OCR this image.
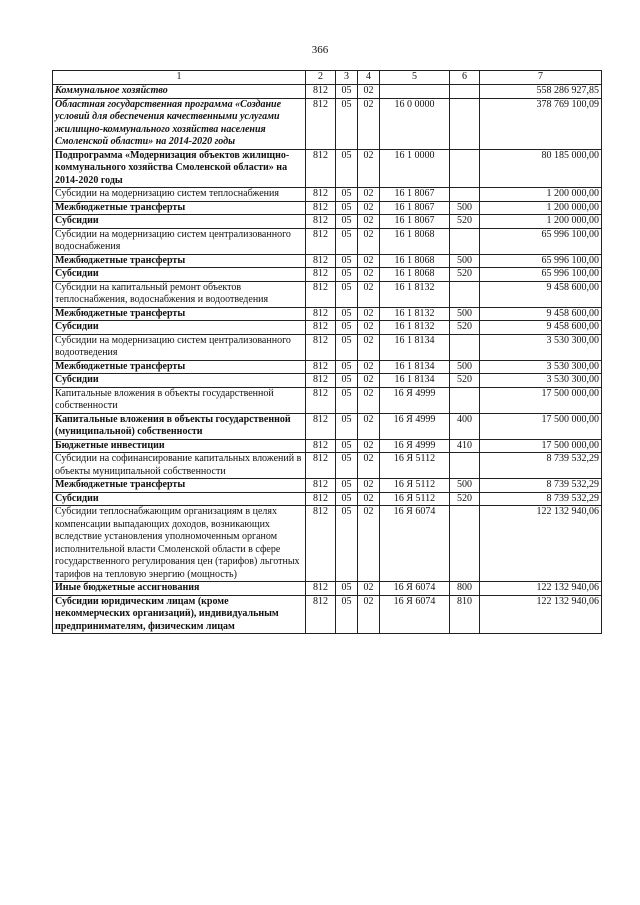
366
1	2	3	4	5	6	7
Коммунальное хозяйство	812	05	02			558 286 927,85
Областная государственная программа «Создание условий для обеспечения качественными услугами жилищно-коммунального хозяйства населения Смоленской области» на 2014-2020 годы	812	05	02	16 0 0000		378 769 100,09
Подпрограмма «Модернизация объектов жилищно-коммунального хозяйства Смоленской области» на 2014-2020 годы	812	05	02	16 1 0000		80 185 000,00
Субсидии на модернизацию систем теплоснабжения	812	05	02	16 1 8067		1 200 000,00
Межбюджетные трансферты	812	05	02	16 1 8067	500	1 200 000,00
Субсидии	812	05	02	16 1 8067	520	1 200 000,00
Субсидии на модернизацию систем централизованного водоснабжения	812	05	02	16 1 8068		65 996 100,00
Межбюджетные трансферты	812	05	02	16 1 8068	500	65 996 100,00
Субсидии	812	05	02	16 1 8068	520	65 996 100,00
Субсидии на капитальный ремонт объектов теплоснабжения, водоснабжения и водоотведения	812	05	02	16 1 8132		9 458 600,00
Межбюджетные трансферты	812	05	02	16 1 8132	500	9 458 600,00
Субсидии	812	05	02	16 1 8132	520	9 458 600,00
Субсидии на модернизацию систем централизованного водоотведения	812	05	02	16 1 8134		3 530 300,00
Межбюджетные трансферты	812	05	02	16 1 8134	500	3 530 300,00
Субсидии	812	05	02	16 1 8134	520	3 530 300,00
Капитальные вложения в объекты государственной собственности	812	05	02	16 Я 4999		17 500 000,00
Капитальные вложения в объекты государственной (муниципальной) собственности	812	05	02	16 Я 4999	400	17 500 000,00
Бюджетные инвестиции	812	05	02	16 Я 4999	410	17 500 000,00
Субсидии на софинансирование капитальных вложений в объекты муниципальной собственности	812	05	02	16 Я 5112		8 739 532,29
Межбюджетные трансферты	812	05	02	16 Я 5112	500	8 739 532,29
Субсидии	812	05	02	16 Я 5112	520	8 739 532,29
Субсидии теплоснабжающим организациям в целях компенсации выпадающих доходов, возникающих вследствие установления уполномоченным органом исполнительной власти Смоленской области в сфере государственного регулирования цен (тарифов) льготных тарифов на тепловую энергию (мощность)	812	05	02	16 Я 6074		122 132 940,06
Иные бюджетные ассигнования	812	05	02	16 Я 6074	800	122 132 940,06
Субсидии юридическим лицам (кроме некоммерческих организаций), индивидуальным предпринимателям, физическим лицам	812	05	02	16 Я 6074	810	122 132 940,06
